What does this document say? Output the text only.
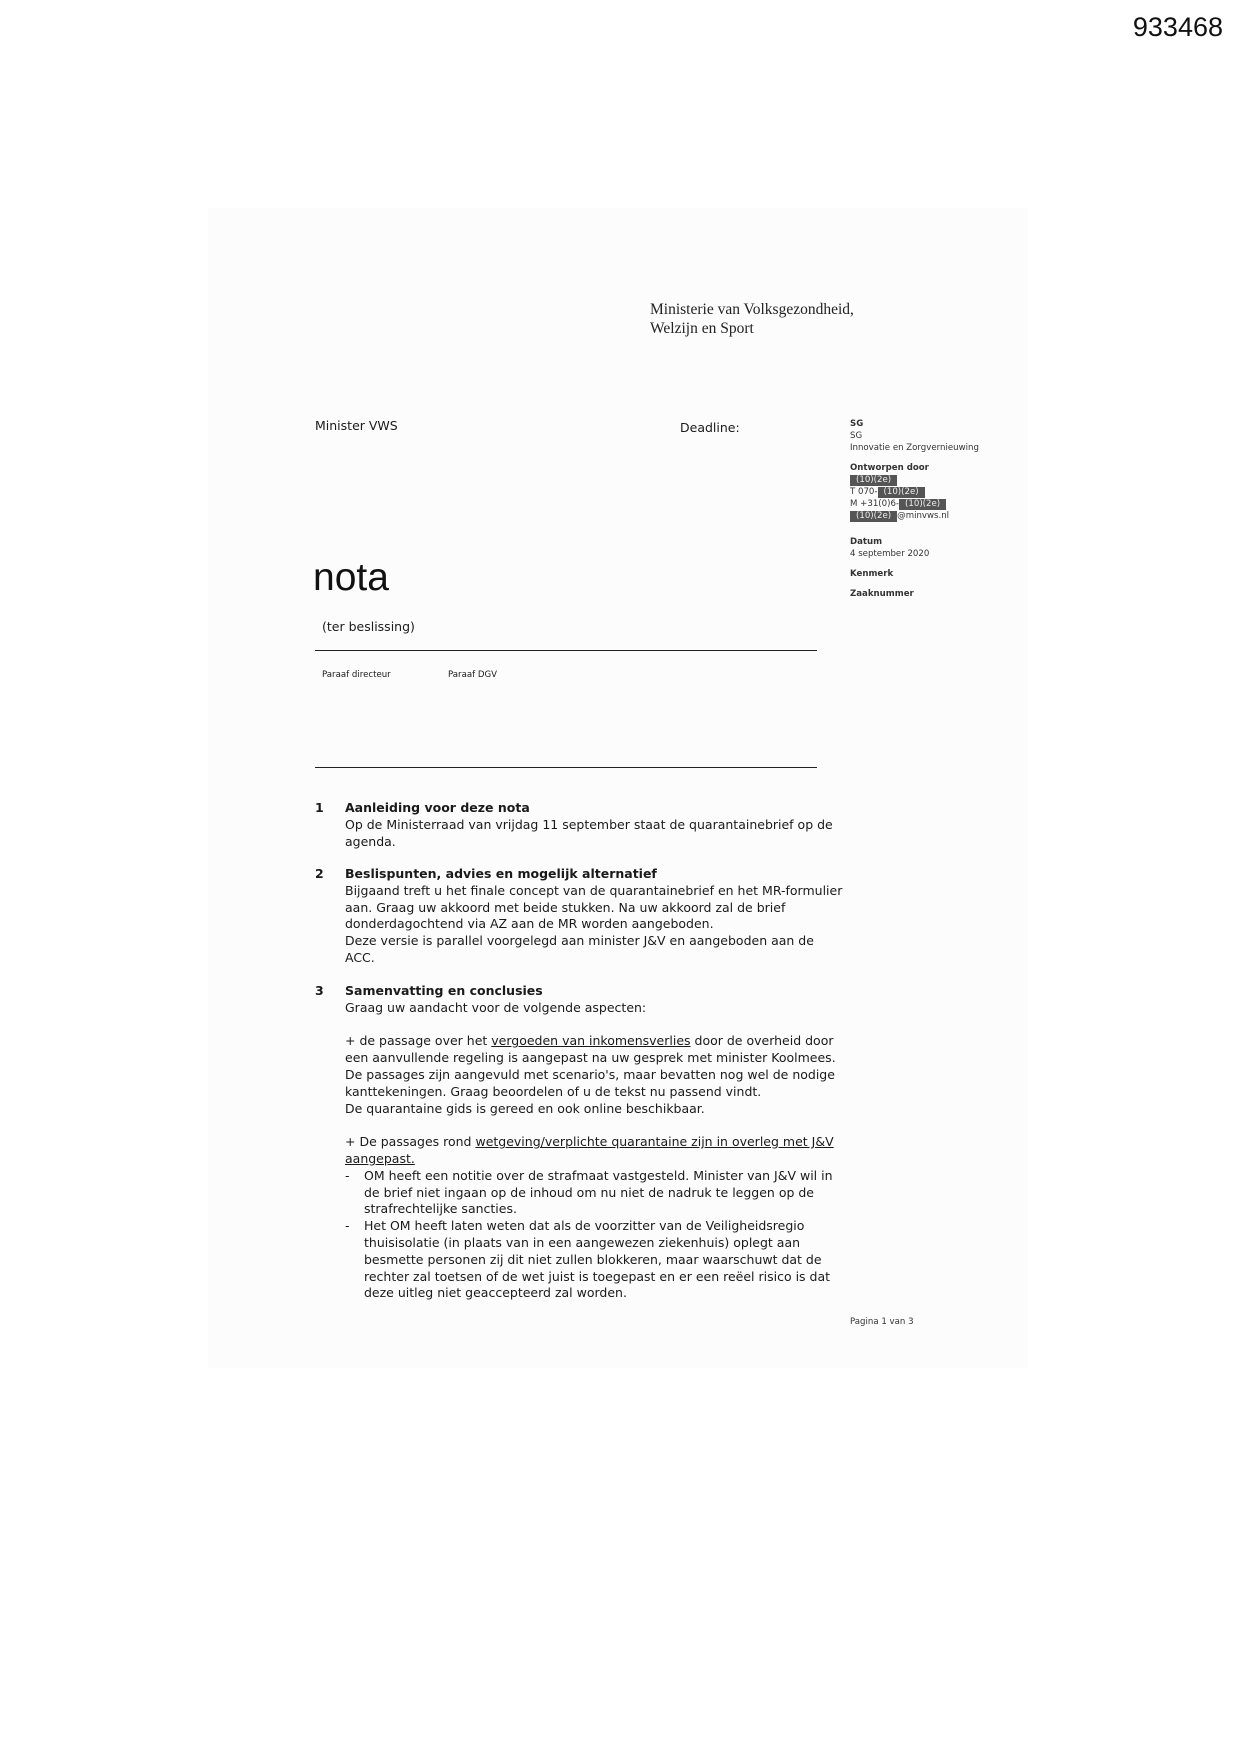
933468
Ministerie van Volksgezondheid,
Welzijn en Sport
Minister VWS	Deadline:	SG
SG
Innovatie en Zorgvernieuwing
Ontworpen door
(10)(2e)
T 070- (10)(2e)
M +31(0)6- (10)(2e)
(10)(2e) @minvws.nl
Datum
4 september 2020
Kenmerk
Zaaknummer
nota
(ter beslissing)
Paraaf directeur	Paraaf DGV
1 Aanleiding voor deze nota

Op de Ministerraad van vrijdag 11 september staat de quarantainebrief op de agenda.

2 Beslispunten, advies en mogelijk alternatief

Bijgaand treft u het finale concept van de quarantainebrief en het MR-formulier aan. Graag uw akkoord met beide stukken. Na uw akkoord zal de brief donderdagochtend via AZ aan de MR worden aangeboden.

Deze versie is parallel voorgelegd aan minister J&V en aangeboden aan de ACC.

3 Samenvatting en conclusies

Graag uw aandacht voor de volgende aspecten:

+ de passage over het vergoeden van inkomensverlies door de overheid door een aanvullende regeling is aangepast na uw gesprek met minister Koolmees. De passages zijn aangevuld met scenario's, maar bevatten nog wel de nodige kanttekeningen. Graag beoordelen of u de tekst nu passend vindt.

De quarantaine gids is gereed en ook online beschikbaar.

+ De passages rond wetgeving/verplichte quarantaine zijn in overleg met J&V aangepast.

- OM heeft een notitie over de strafmaat vastgesteld. Minister van J&V wil in de brief niet ingaan op de inhoud om nu niet de nadruk te leggen op de strafrechtelijke sancties.
- Het OM heeft laten weten dat als de voorzitter van de Veiligheidsregio thuisisolatie (in plaats van in een aangewezen ziekenhuis) oplegt aan besmette personen zij dit niet zullen blokkeren, maar waarschuwt dat de rechter zal toetsen of de wet juist is toegepast en er een reëel risico is dat deze uitleg niet geaccepteerd zal worden.
Pagina 1 van 3
